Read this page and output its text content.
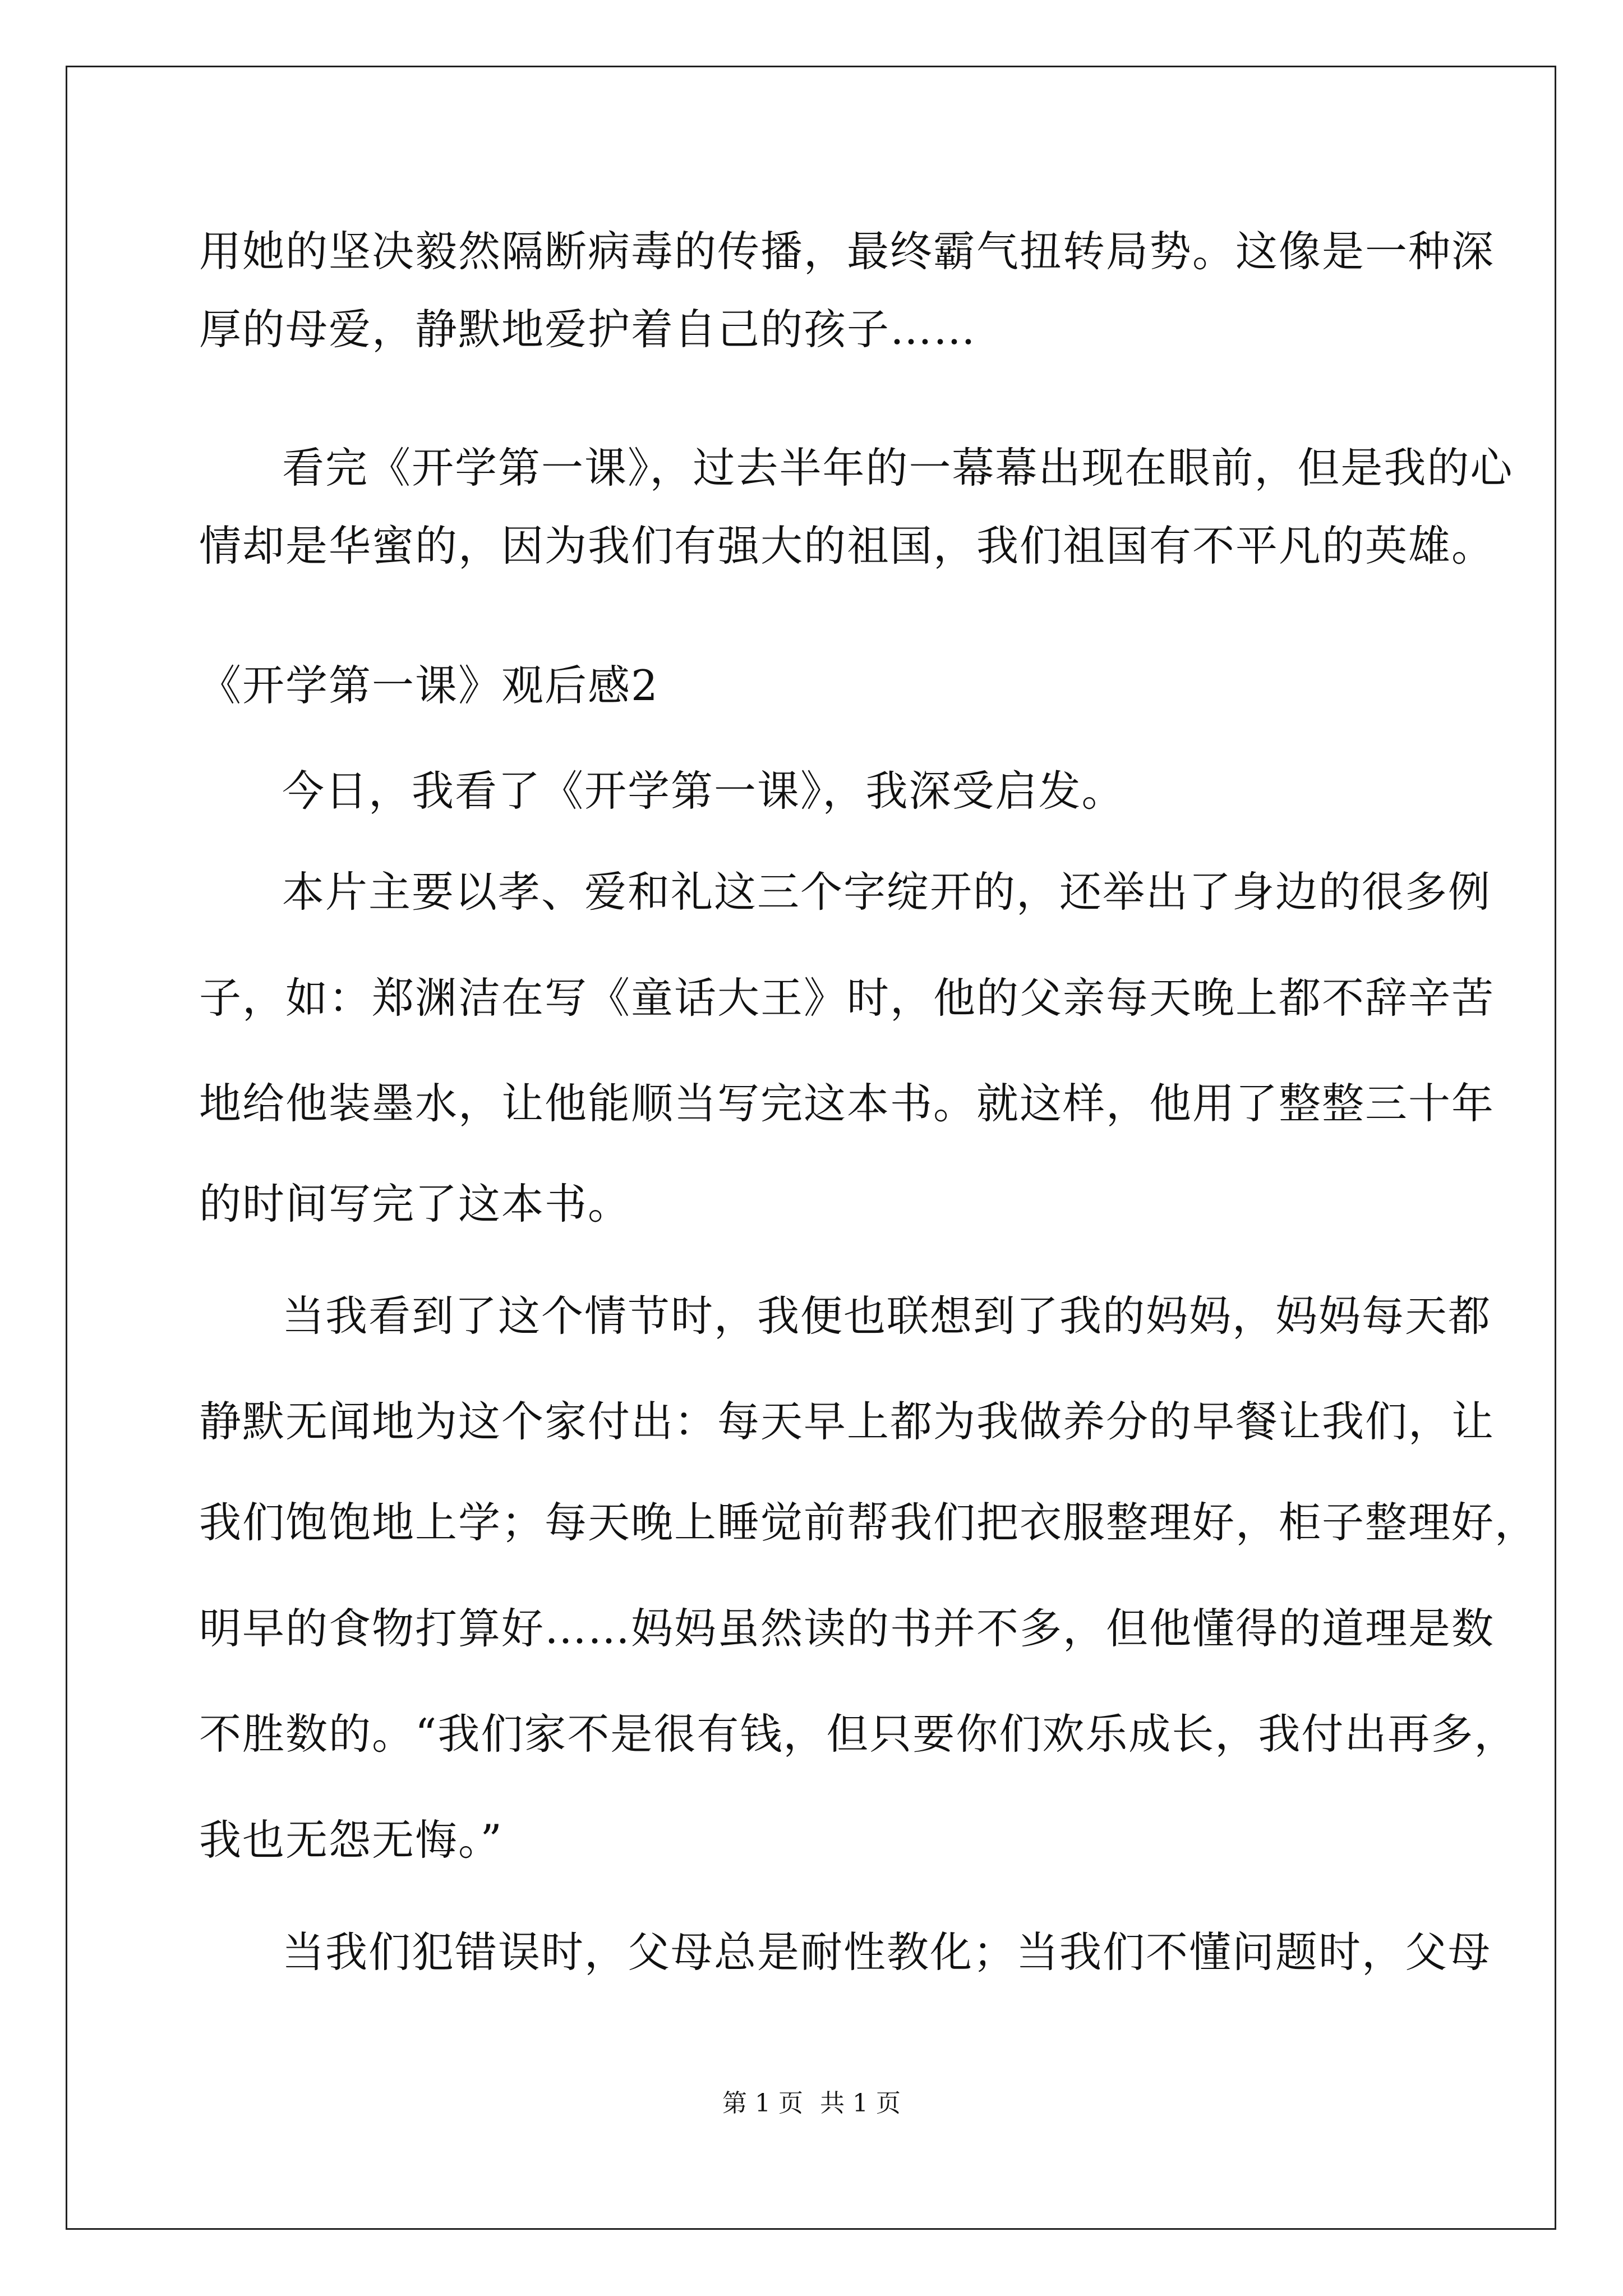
用她的坚决毅然隔断病毒的传播，最终霸气扭转局势。这像是一种深
厚的母爱，静默地爱护着自己的孩子……
看完《开学第一课》，过去半年的一幕幕出现在眼前，但是我的心
情却是华蜜的，因为我们有强大的祖国，我们祖国有不平凡的英雄。
《开学第一课》观后感2
今日，我看了《开学第一课》，我深受启发。
本片主要以孝、爱和礼这三个字绽开的，还举出了身边的很多例
子，如：郑渊洁在写《童话大王》时，他的父亲每天晚上都不辞辛苦
地给他装墨水，让他能顺当写完这本书。就这样，他用了整整三十年
的时间写完了这本书。
当我看到了这个情节时，我便也联想到了我的妈妈，妈妈每天都
静默无闻地为这个家付出：每天早上都为我做养分的早餐让我们，让
我们饱饱地上学；每天晚上睡觉前帮我们把衣服整理好，柜子整理好，
明早的食物打算好……妈妈虽然读的书并不多，但他懂得的道理是数
不胜数的。“我们家不是很有钱，但只要你们欢乐成长，我付出再多，
我也无怨无悔。”
当我们犯错误时，父母总是耐性教化；当我们不懂问题时，父母
第 1 页 共 1 页
